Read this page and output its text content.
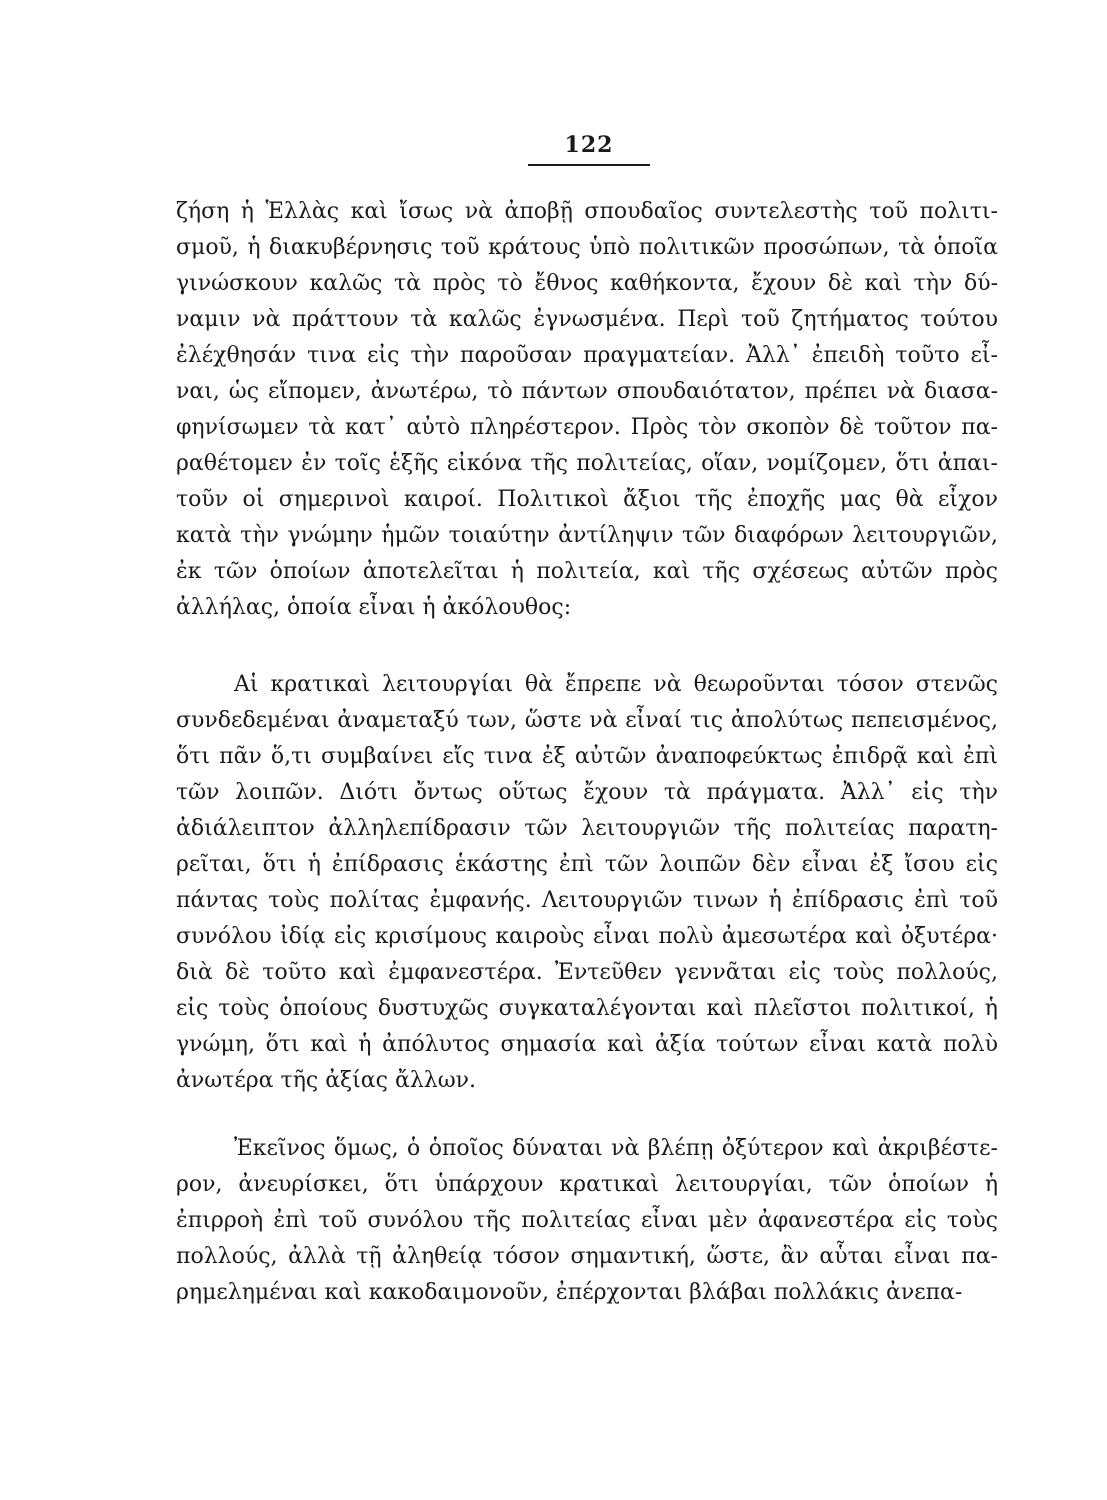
122
ζήση ἡ Ἑλλὰς καὶ ἴσως νὰ ἀποβῇ σπουδαῖος συντελεστὴς τοῦ πολιτι-
σμοῦ, ἡ διακυβέρνησις τοῦ κράτους ὑπὸ πολιτικῶν προσώπων, τὰ ὁποῖα
γινώσκουν καλῶς τὰ πρὸς τὸ ἔθνος καθήκοντα, ἔχουν δὲ καὶ τὴν δύ-
ναμιν νὰ πράττουν τὰ καλῶς ἐγνωσμένα. Περὶ τοῦ ζητήματος τούτου
ἐλέχθησάν τινα εἰς τὴν παροῦσαν πραγματείαν. Ἀλλ᾽ ἐπειδὴ τοῦτο εἶ-
ναι, ὡς εἴπομεν, ἀνωτέρω, τὸ πάντων σπουδαιότατον, πρέπει νὰ διασα-
φηνίσωμεν τὰ κατ᾽ αὐτὸ πληρέστερον. Πρὸς τὸν σκοπὸν δὲ τοῦτον πα-
ραθέτομεν ἐν τοῖς ἑξῆς εἰκόνα τῆς πολιτείας, οἵαν, νομίζομεν, ὅτι ἀπαι-
τοῦν οἱ σημερινοὶ καιροί. Πολιτικοὶ ἄξιοι τῆς ἐποχῆς μας θὰ εἶχον
κατὰ τὴν γνώμην ἡμῶν τοιαύτην ἀντίληψιν τῶν διαφόρων λειτουργιῶν,
ἐκ τῶν ὁποίων ἀποτελεῖται ἡ πολιτεία, καὶ τῆς σχέσεως αὐτῶν πρὸς
ἀλλήλας, ὁποία εἶναι ἡ ἀκόλουθος:
Αἱ κρατικαὶ λειτουργίαι θὰ ἔπρεπε νὰ θεωροῦνται τόσον στενῶς
συνδεδεμέναι ἀναμεταξύ των, ὥστε νὰ εἶναί τις ἀπολύτως πεπεισμένος,
ὅτι πᾶν ὅ,τι συμβαίνει εἴς τινα ἐξ αὐτῶν ἀναποφεύκτως ἐπιδρᾷ καὶ ἐπὶ
τῶν λοιπῶν. Διότι ὄντως οὕτως ἔχουν τὰ πράγματα. Ἀλλ᾽ εἰς τὴν
ἀδιάλειπτον ἀλληλεπίδρασιν τῶν λειτουργιῶν τῆς πολιτείας παρατη-
ρεῖται, ὅτι ἡ ἐπίδρασις ἑκάστης ἐπὶ τῶν λοιπῶν δὲν εἶναι ἐξ ἴσου εἰς
πάντας τοὺς πολίτας ἐμφανής. Λειτουργιῶν τινων ἡ ἐπίδρασις ἐπὶ τοῦ
συνόλου ἰδίᾳ εἰς κρισίμους καιροὺς εἶναι πολὺ ἀμεσωτέρα καὶ ὀξυτέρα·
διὰ δὲ τοῦτο καὶ ἐμφανεστέρα. Ἐντεῦθεν γεννᾶται εἰς τοὺς πολλούς,
εἰς τοὺς ὁποίους δυστυχῶς συγκαταλέγονται καὶ πλεῖστοι πολιτικοί, ἡ
γνώμη, ὅτι καὶ ἡ ἀπόλυτος σημασία καὶ ἀξία τούτων εἶναι κατὰ πολὺ
ἀνωτέρα τῆς ἀξίας ἄλλων.
Ἐκεῖνος ὅμως, ὁ ὁποῖος δύναται νὰ βλέπῃ ὀξύτερον καὶ ἀκριβέστε-
ρον, ἀνευρίσκει, ὅτι ὑπάρχουν κρατικαὶ λειτουργίαι, τῶν ὁποίων ἡ
ἐπιρροὴ ἐπὶ τοῦ συνόλου τῆς πολιτείας εἶναι μὲν ἀφανεστέρα εἰς τοὺς
πολλούς, ἀλλὰ τῇ ἀληθείᾳ τόσον σημαντική, ὥστε, ἂν αὗται εἶναι πα-
ρημελημέναι καὶ κακοδαιμονοῦν, ἐπέρχονται βλάβαι πολλάκις ἀνεπα-
